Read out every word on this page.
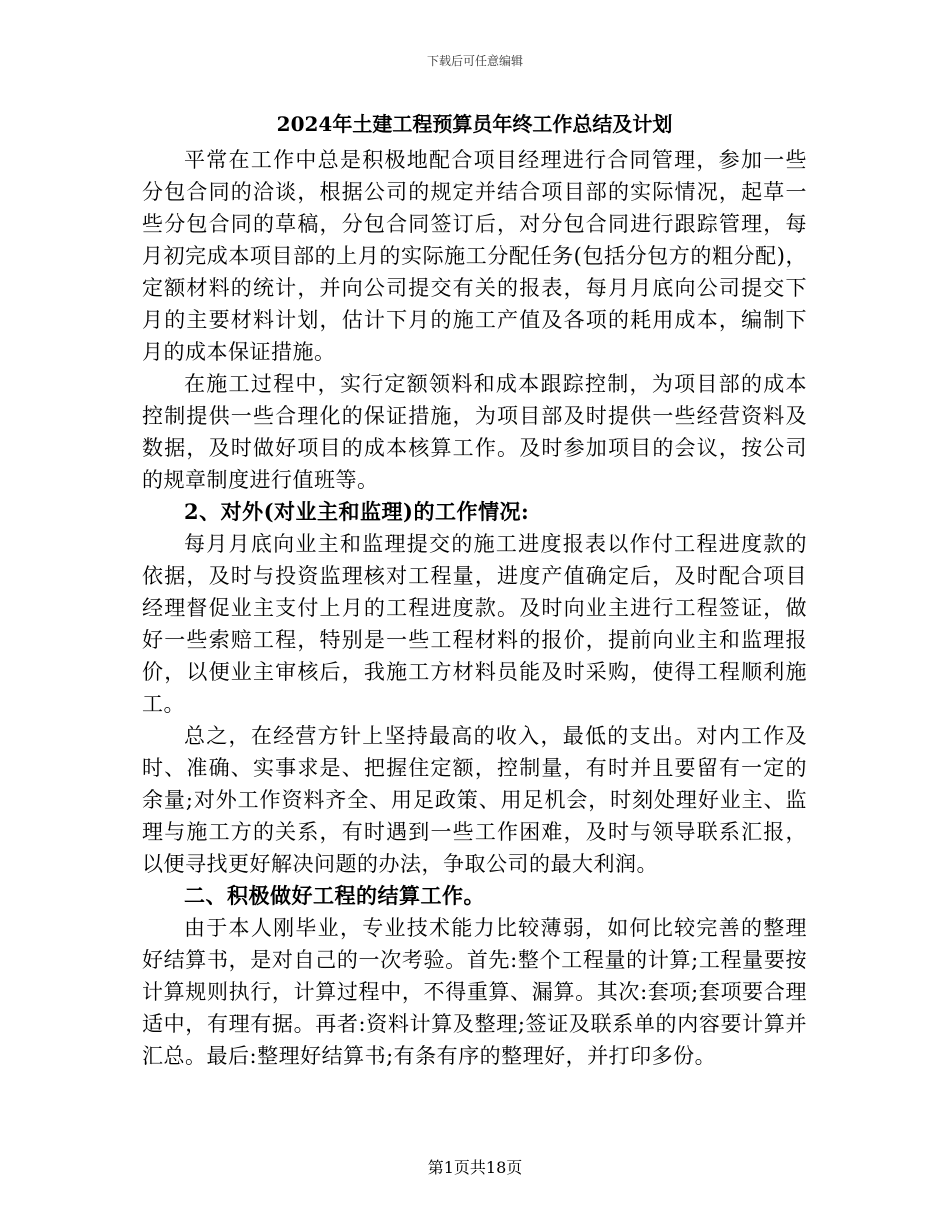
下载后可任意编辑
2024年土建工程预算员年终工作总结及计划

平常在工作中总是积极地配合项目经理进行合同管理，参加一些分包合同的洽谈，根据公司的规定并结合项目部的实际情况，起草一些分包合同的草稿，分包合同签订后，对分包合同进行跟踪管理，每月初完成本项目部的上月的实际施工分配任务(包括分包方的粗分配)，定额材料的统计，并向公司提交有关的报表，每月月底向公司提交下月的主要材料计划，估计下月的施工产值及各项的耗用成本，编制下月的成本保证措施。

在施工过程中，实行定额领料和成本跟踪控制，为项目部的成本控制提供一些合理化的保证措施，为项目部及时提供一些经营资料及数据，及时做好项目的成本核算工作。及时参加项目的会议，按公司的规章制度进行值班等。

2、对外(对业主和监理)的工作情况:

每月月底向业主和监理提交的施工进度报表以作付工程进度款的依据，及时与投资监理核对工程量，进度产值确定后，及时配合项目经理督促业主支付上月的工程进度款。及时向业主进行工程签证，做好一些索赔工程，特别是一些工程材料的报价，提前向业主和监理报价，以便业主审核后，我施工方材料员能及时采购，使得工程顺利施工。

总之，在经营方针上坚持最高的收入，最低的支出。对内工作及时、准确、实事求是、把握住定额，控制量，有时并且要留有一定的余量;对外工作资料齐全、用足政策、用足机会，时刻处理好业主、监理与施工方的关系，有时遇到一些工作困难，及时与领导联系汇报，以便寻找更好解决问题的办法，争取公司的最大利润。

二、积极做好工程的结算工作。

由于本人刚毕业，专业技术能力比较薄弱，如何比较完善的整理好结算书，是对自己的一次考验。首先:整个工程量的计算;工程量要按计算规则执行，计算过程中，不得重算、漏算。其次:套项;套项要合理适中，有理有据。再者:资料计算及整理;签证及联系单的内容要计算并汇总。最后:整理好结算书;有条有序的整理好，并打印多份。

第1页共18页
